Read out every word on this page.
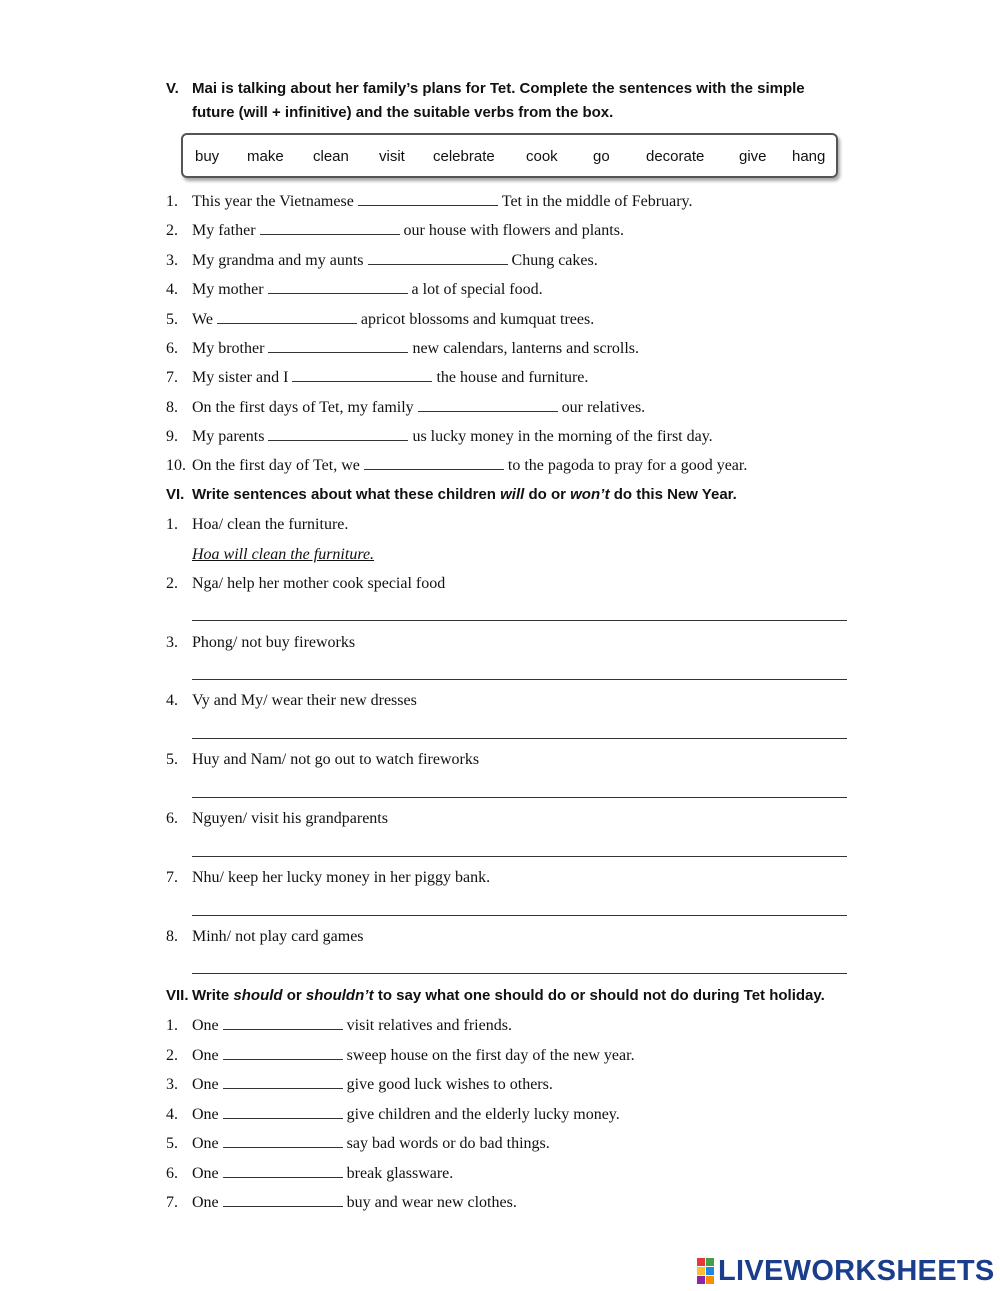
V. Mai is talking about her family’s plans for Tet. Complete the sentences with the simple
future (will + infinitive) and the suitable verbs from the box.
buy make clean visit celebrate cook go decorate give hang
1. This year the Vietnamese	Tet in the middle of February.
2. My father	our house with flowers and plants.
3. My grandma and my aunts	Chung cakes.
4. My mother	a lot of special food.
5. We	apricot blossoms and kumquat trees.
6. My brother	new calendars, lanterns and scrolls.
7. My sister and I	the house and furniture.
8. On the first days of Tet, my family	our relatives.
9. My parents	us lucky money in the morning of the first day.
10. On the first day of Tet, we	to the pagoda to pray for a good year.
VI. Write sentences about what these children will do or won’t do this New Year.
1. Hoa/ clean the furniture.
Hoa will clean the furniture.
2. Nga/ help her mother cook special food
3. Phong/ not buy fireworks
4. Vy and My/ wear their new dresses
5. Huy and Nam/ not go out to watch fireworks
6. Nguyen/ visit his grandparents
7. Nhu/ keep her lucky money in her piggy bank.
8. Minh/ not play card games
VII. Write should or shouldn’t to say what one should do or should not do during Tet holiday.
1. One	visit relatives and friends.
2. One	sweep house on the first day of the new year.
3. One	give good luck wishes to others.
4. One	give children and the elderly lucky money.
5. One	say bad words or do bad things.
6. One	break glassware.
7. One	buy and wear new clothes.
LIVEWORKSHEETS
